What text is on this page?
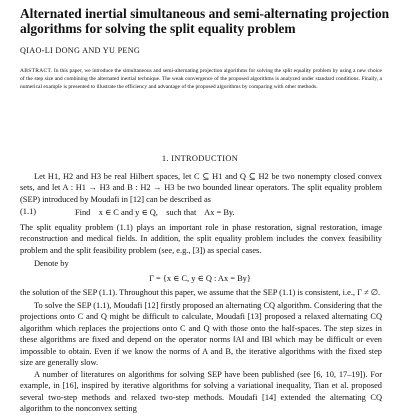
Alternated inertial simultaneous and semi-alternating projection algorithms for solving the split equality problem
QIAO-LI DONG AND YU PENG
ABSTRACT. In this paper, we introduce the simultaneous and semi-alternating projection algorithms for solving the split equality problem by using a new choice of the step size and combining the alternated inertial technique. The weak convergence of the proposed algorithms is analyzed under standard conditions. Finally, a numerical example is presented to illustrate the efficiency and advantage of the proposed algorithms by comparing with other methods.
1. INTRODUCTION
Let H1, H2 and H3 be real Hilbert spaces, let C ⊆ H1 and Q ⊆ H2 be two nonempty closed convex sets, and let A : H1 → H3 and B : H2 → H3 be two bounded linear operators. The split equality problem (SEP) introduced by Moudafi in [12] can be described as
(1.1)	Find    x ∈ C and y ∈ Q,    such that    Ax = By.
The split equality problem (1.1) plays an important role in phase restoration, signal restoration, image reconstruction and medical fields. In addition, the split equality problem includes the convex feasibility problem and the split feasibility problem (see, e.g., [3]) as special cases.
Denote by
Γ = {x ∈ C, y ∈ Q : Ax = By}
the solution of the SEP (1.1). Throughout this paper, we assume that the SEP (1.1) is consistent, i.e., Γ ≠ ∅.
To solve the SEP (1.1), Moudafi [12] firstly proposed an alternating CQ algorithm. Considering that the projections onto C and Q might be difficult to calculate, Moudafi [13] proposed a relaxed alternating CQ algorithm which replaces the projections onto C and Q with those onto the half-spaces. The step sizes in these algorithms are fixed and depend on the operator norms ‖A‖ and ‖B‖ which may be difficult or even impossible to obtain. Even if we know the norms of A and B, the iterative algorithms with the fixed step size are generally slow.
A number of literatures on algorithms for solving SEP have been published (see [6, 10, 17–19]). For example, in [16], inspired by iterative algorithms for solving a variational inequality, Tian et al. proposed several two-step methods and relaxed two-step methods. Moudafi [14] extended the alternating CQ algorithm to the nonconvex setting
